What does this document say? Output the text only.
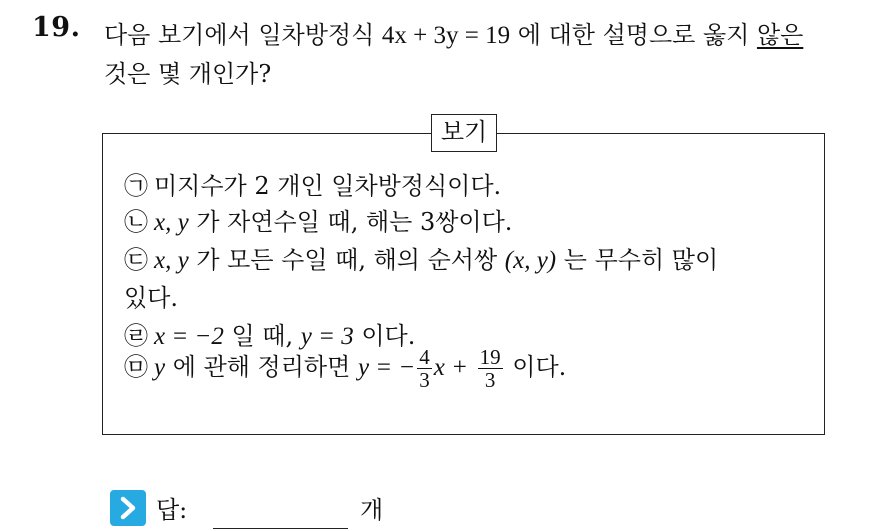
19. 다음 보기에서 일차방정식 4x + 3y = 19 에 대한 설명으로 옳지 않은
것은 몇 개인가?
보기
㉠ 미지수가 2 개인 일차방정식이다.
㉡ x, y 가 자연수일 때, 해는 3쌍이다.
㉢ x, y 가 모든 수일 때, 해의 순서쌍 (x, y) 는 무수히 많이
있다.
㉣ x = −2 일 때, y = 3 이다.
㉤ y 에 관해 정리하면 y = − $\frac{4}{3}$ $x + \frac{19}{3}$ 이다.
답:	개
